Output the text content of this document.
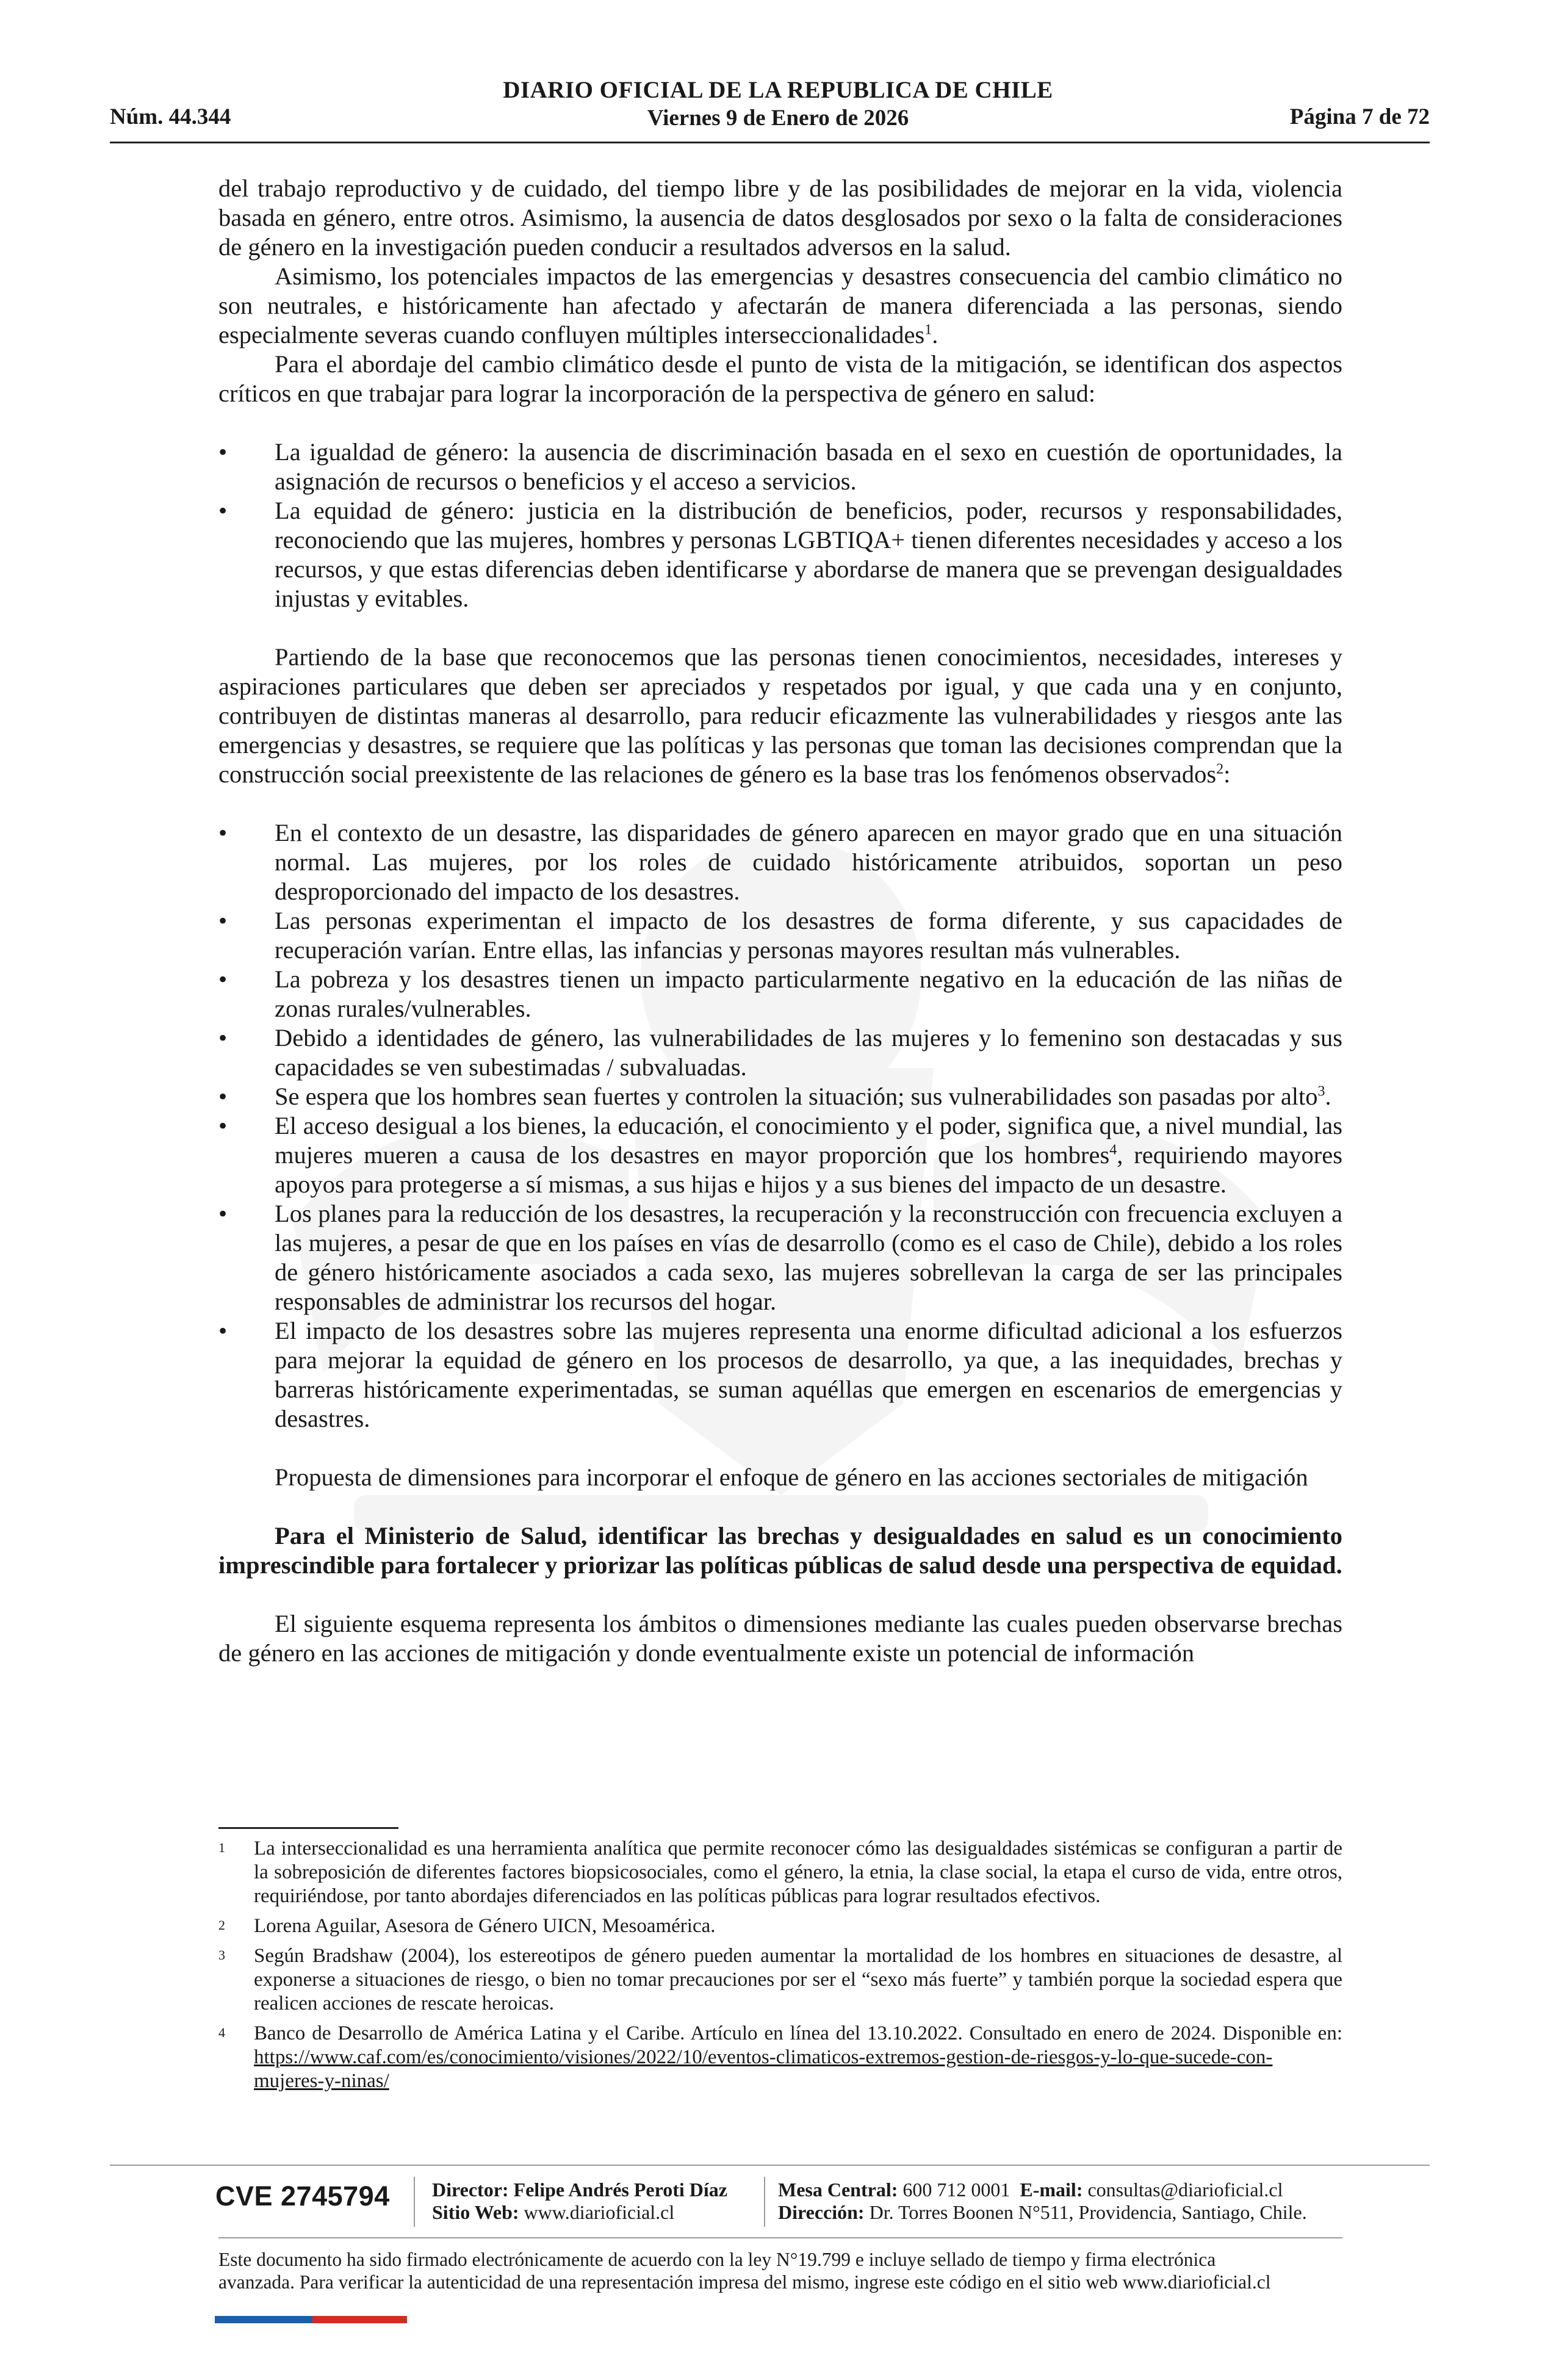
Núm. 44.344
DIARIO OFICIAL DE LA REPUBLICA DE CHILE
Viernes 9 de Enero de 2026	Página 7 de 72

del trabajo reproductivo y de cuidado, del tiempo libre y de las posibilidades de mejorar en la vida, violencia basada en género, entre otros. Asimismo, la ausencia de datos desglosados por sexo o la falta de consideraciones de género en la investigación pueden conducir a resultados adversos en la salud.

Asimismo, los potenciales impactos de las emergencias y desastres consecuencia del cambio climático no son neutrales, e históricamente han afectado y afectarán de manera diferenciada a las personas, siendo especialmente severas cuando confluyen múltiples interseccionalidades$^1$.

Para el abordaje del cambio climático desde el punto de vista de la mitigación, se identifican dos aspectos críticos en que trabajar para lograr la incorporación de la perspectiva de género en salud:

• La igualdad de género: la ausencia de discriminación basada en el sexo en cuestión de oportunidades, la asignación de recursos o beneficios y el acceso a servicios.
• La equidad de género: justicia en la distribución de beneficios, poder, recursos y responsabilidades, reconociendo que las mujeres, hombres y personas LGBTIQA+ tienen diferentes necesidades y acceso a los recursos, y que estas diferencias deben identificarse y abordarse de manera que se prevengan desigualdades injustas y evitables.

Partiendo de la base que reconocemos que las personas tienen conocimientos, necesidades, intereses y aspiraciones particulares que deben ser apreciados y respetados por igual, y que cada una y en conjunto, contribuyen de distintas maneras al desarrollo, para reducir eficazmente las vulnerabilidades y riesgos ante las emergencias y desastres, se requiere que las políticas y las personas que toman las decisiones comprendan que la construcción social preexistente de las relaciones de género es la base tras los fenómenos observados$^2$:

• En el contexto de un desastre, las disparidades de género aparecen en mayor grado que en una situación normal. Las mujeres, por los roles de cuidado históricamente atribuidos, soportan un peso desproporcionado del impacto de los desastres.
• Las personas experimentan el impacto de los desastres de forma diferente, y sus capacidades de recuperación varían. Entre ellas, las infancias y personas mayores resultan más vulnerables.
• La pobreza y los desastres tienen un impacto particularmente negativo en la educación de las niñas de zonas rurales/vulnerables.
• Debido a identidades de género, las vulnerabilidades de las mujeres y lo femenino son destacadas y sus capacidades se ven subestimadas / subvaluadas.
• Se espera que los hombres sean fuertes y controlen la situación; sus vulnerabilidades son pasadas por alto$^3$.
• El acceso desigual a los bienes, la educación, el conocimiento y el poder, significa que, a nivel mundial, las mujeres mueren a causa de los desastres en mayor proporción que los hombres$^4$, requiriendo mayores apoyos para protegerse a sí mismas, a sus hijas e hijos y a sus bienes del impacto de un desastre.
• Los planes para la reducción de los desastres, la recuperación y la reconstrucción con frecuencia excluyen a las mujeres, a pesar de que en los países en vías de desarrollo (como es el caso de Chile), debido a los roles de género históricamente asociados a cada sexo, las mujeres sobrellevan la carga de ser las principales responsables de administrar los recursos del hogar.
• El impacto de los desastres sobre las mujeres representa una enorme dificultad adicional a los esfuerzos para mejorar la equidad de género en los procesos de desarrollo, ya que, a las inequidades, brechas y barreras históricamente experimentadas, se suman aquéllas que emergen en escenarios de emergencias y desastres.

Propuesta de dimensiones para incorporar el enfoque de género en las acciones sectoriales de mitigación

Para el Ministerio de Salud, identificar las brechas y desigualdades en salud es un conocimiento imprescindible para fortalecer y priorizar las políticas públicas de salud desde una perspectiva de equidad.

El siguiente esquema representa los ámbitos o dimensiones mediante las cuales pueden observarse brechas de género en las acciones de mitigación y donde eventualmente existe un potencial de información

1 La interseccionalidad es una herramienta analítica que permite reconocer cómo las desigualdades sistémicas se configuran a partir de la sobreposición de diferentes factores biopsicosociales, como el género, la etnia, la clase social, la etapa el curso de vida, entre otros, requiriéndose, por tanto abordajes diferenciados en las políticas públicas para lograr resultados efectivos.
2 Lorena Aguilar, Asesora de Género UICN, Mesoamérica.
3 Según Bradshaw (2004), los estereotipos de género pueden aumentar la mortalidad de los hombres en situaciones de desastre, al exponerse a situaciones de riesgo, o bien no tomar precauciones por ser el “sexo más fuerte” y también porque la sociedad espera que realicen acciones de rescate heroicas.
4 Banco de Desarrollo de América Latina y el Caribe. Artículo en línea del 13.10.2022. Consultado en enero de 2024. Disponible en: https://www.caf.com/es/conocimiento/visiones/2022/10/eventos-climaticos-extremos-gestion-de-riesgos-y-lo-que-sucede-con-mujeres-y-ninas/
CVE 2745794 Director: Felipe Andrés Peroti Díaz
Sitio Web: www.diarioficial.cl
Mesa Central: 600 712 0001 E-mail: consultas@diarioficial.cl
Dirección: Dr. Torres Boonen N°511, Providencia, Santiago, Chile.
Este documento ha sido firmado electrónicamente de acuerdo con la ley N°19.799 e incluye sellado de tiempo y firma electrónica
avanzada. Para verificar la autenticidad de una representación impresa del mismo, ingrese este código en el sitio web www.diarioficial.cl
